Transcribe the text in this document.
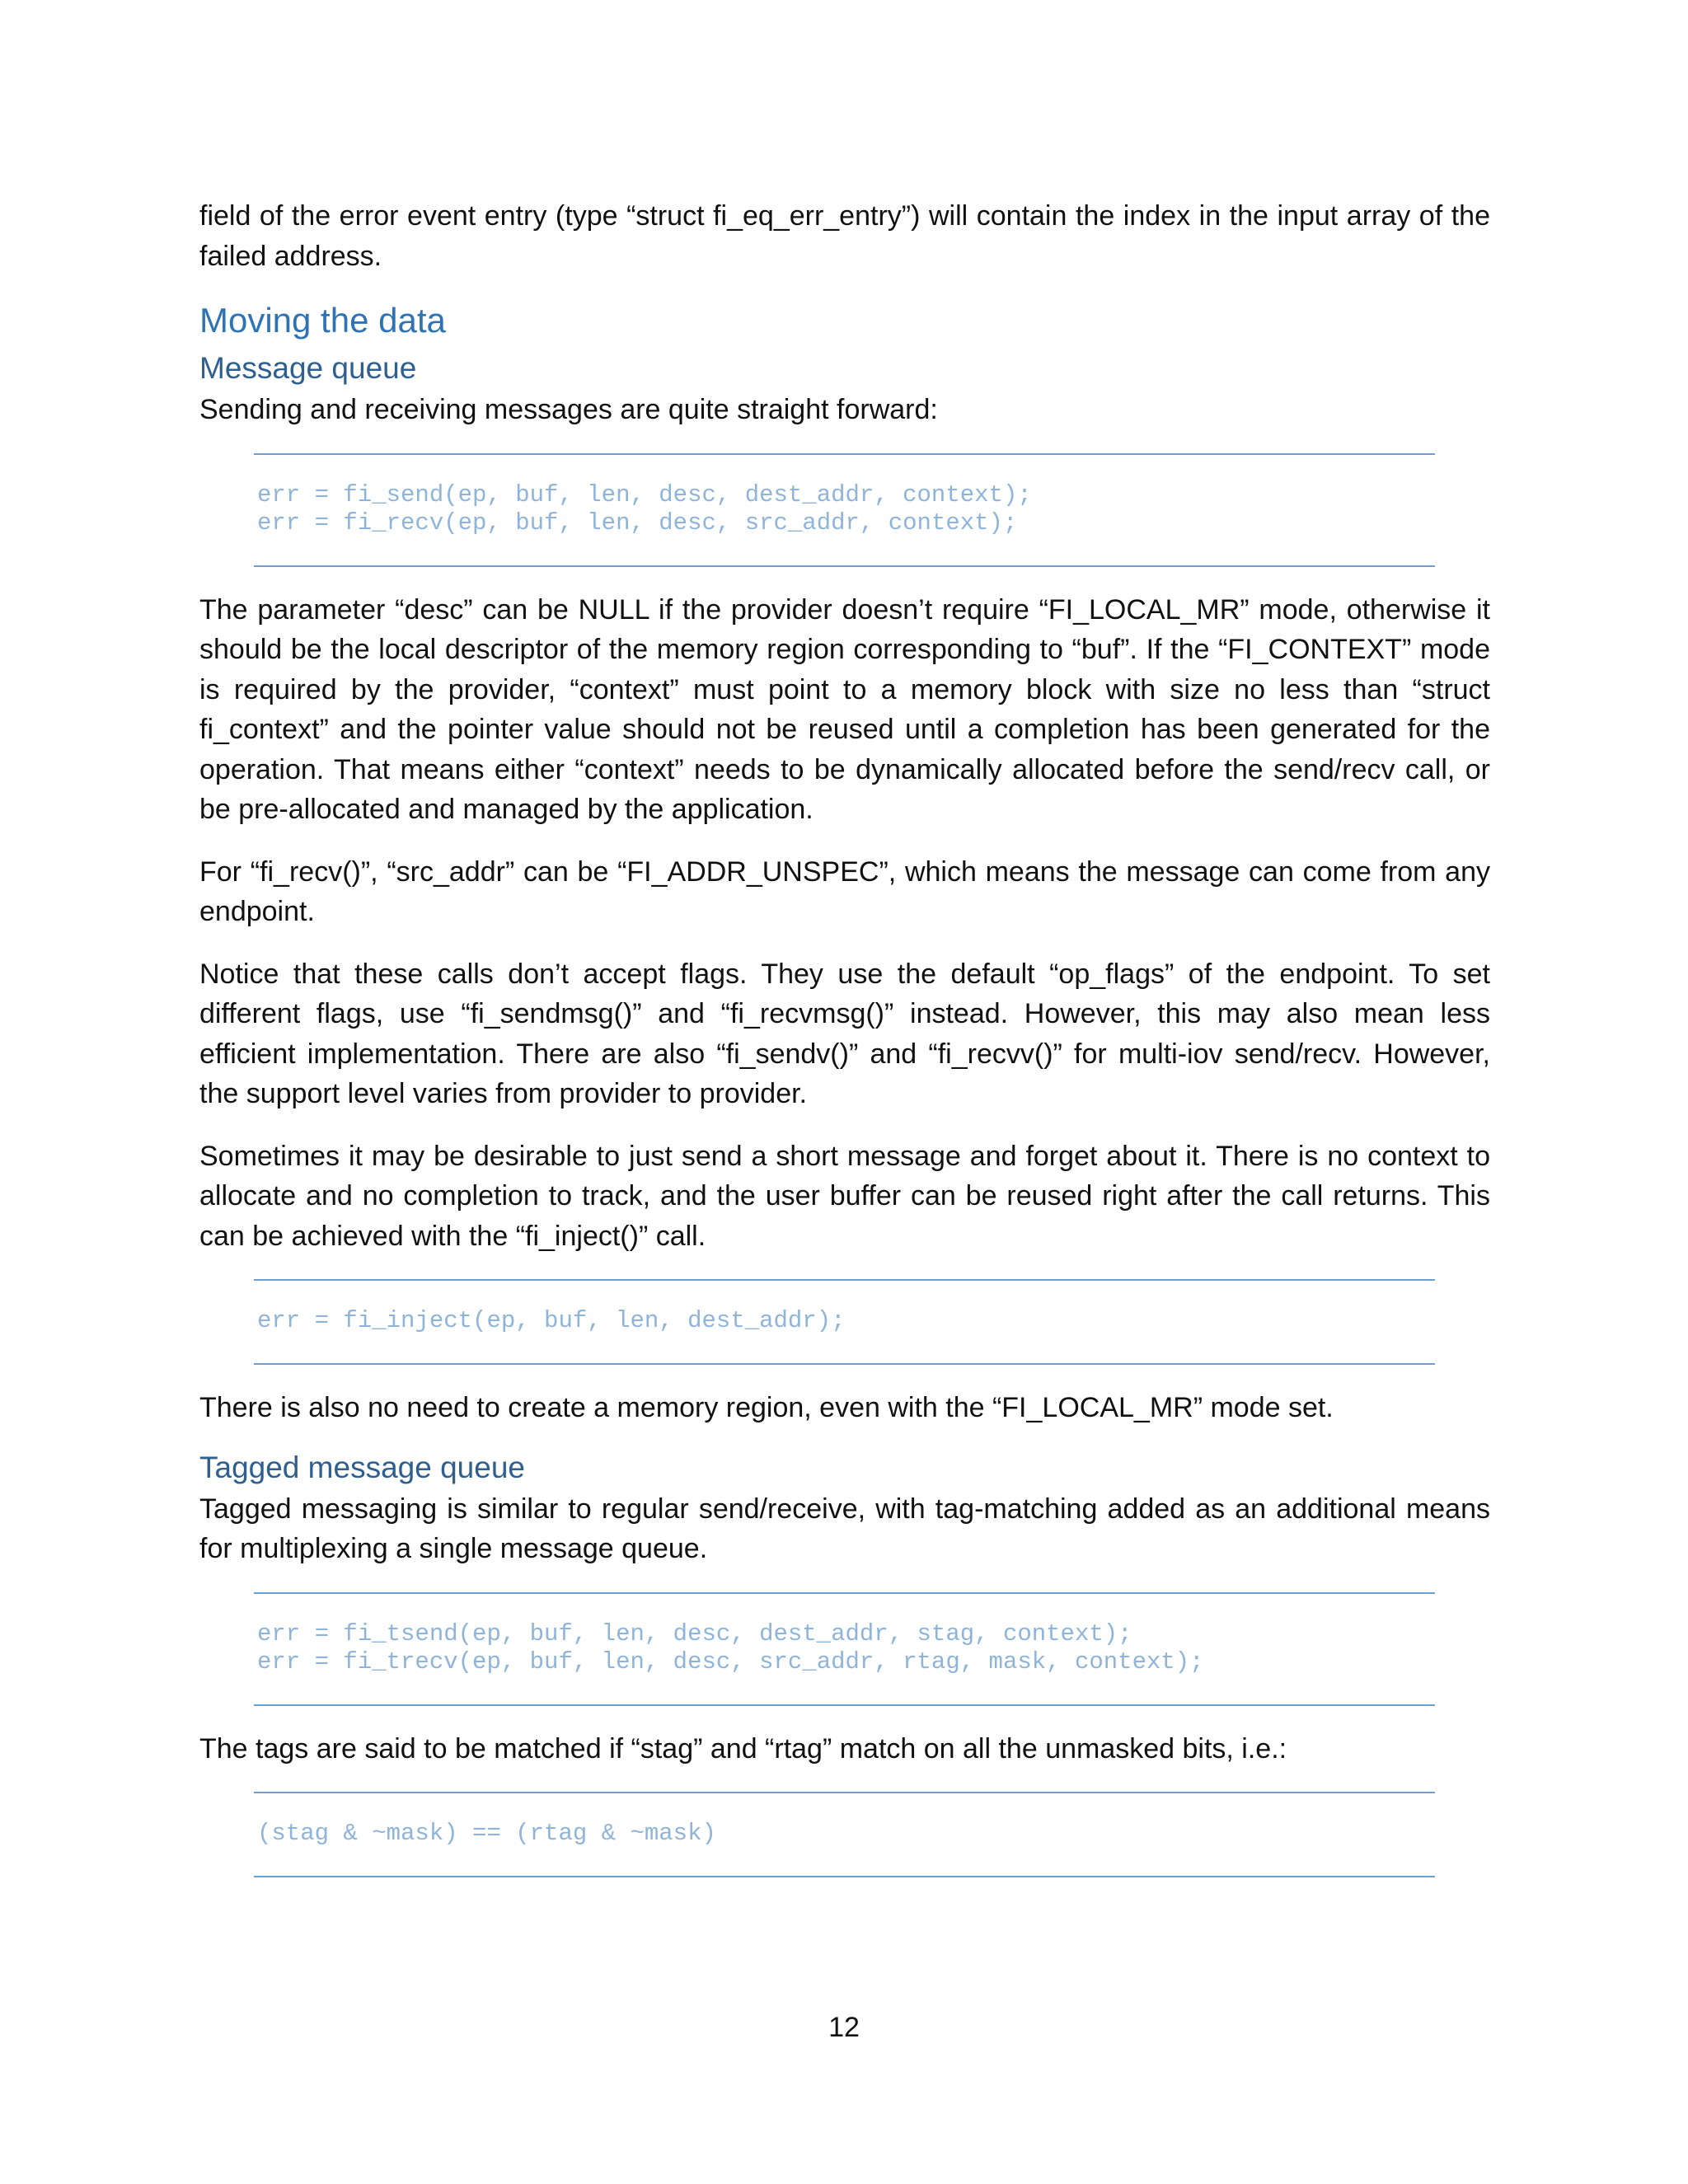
field of the error event entry (type “struct fi_eq_err_entry”) will contain the index in the input array of the failed address.

Moving the data
Message queue

Sending and receiving messages are quite straight forward:

err = fi_send(ep, buf, len, desc, dest_addr, context);
err = fi_recv(ep, buf, len, desc, src_addr, context);

The parameter “desc” can be NULL if the provider doesn’t require “FI_LOCAL_MR” mode, otherwise it should be the local descriptor of the memory region corresponding to “buf”. If the “FI_CONTEXT” mode is required by the provider, “context” must point to a memory block with size no less than “struct fi_context” and the pointer value should not be reused until a completion has been generated for the operation. That means either “context” needs to be dynamically allocated before the send/recv call, or be pre-allocated and managed by the application.

For “fi_recv()”, “src_addr” can be “FI_ADDR_UNSPEC”, which means the message can come from any endpoint.

Notice that these calls don’t accept flags. They use the default “op_flags” of the endpoint. To set different flags, use “fi_sendmsg()” and “fi_recvmsg()” instead. However, this may also mean less efficient implementation. There are also “fi_sendv()” and “fi_recvv()” for multi-iov send/recv. However, the support level varies from provider to provider.

Sometimes it may be desirable to just send a short message and forget about it. There is no context to allocate and no completion to track, and the user buffer can be reused right after the call returns. This can be achieved with the “fi_inject()” call.

err = fi_inject(ep, buf, len, dest_addr);

There is also no need to create a memory region, even with the “FI_LOCAL_MR” mode set.

Tagged message queue

Tagged messaging is similar to regular send/receive, with tag-matching added as an additional means for multiplexing a single message queue.

err = fi_tsend(ep, buf, len, desc, dest_addr, stag, context);
err = fi_trecv(ep, buf, len, desc, src_addr, rtag, mask, context);

The tags are said to be matched if “stag” and “rtag” match on all the unmasked bits, i.e.:

(stag & ~mask) == (rtag & ~mask)
12
